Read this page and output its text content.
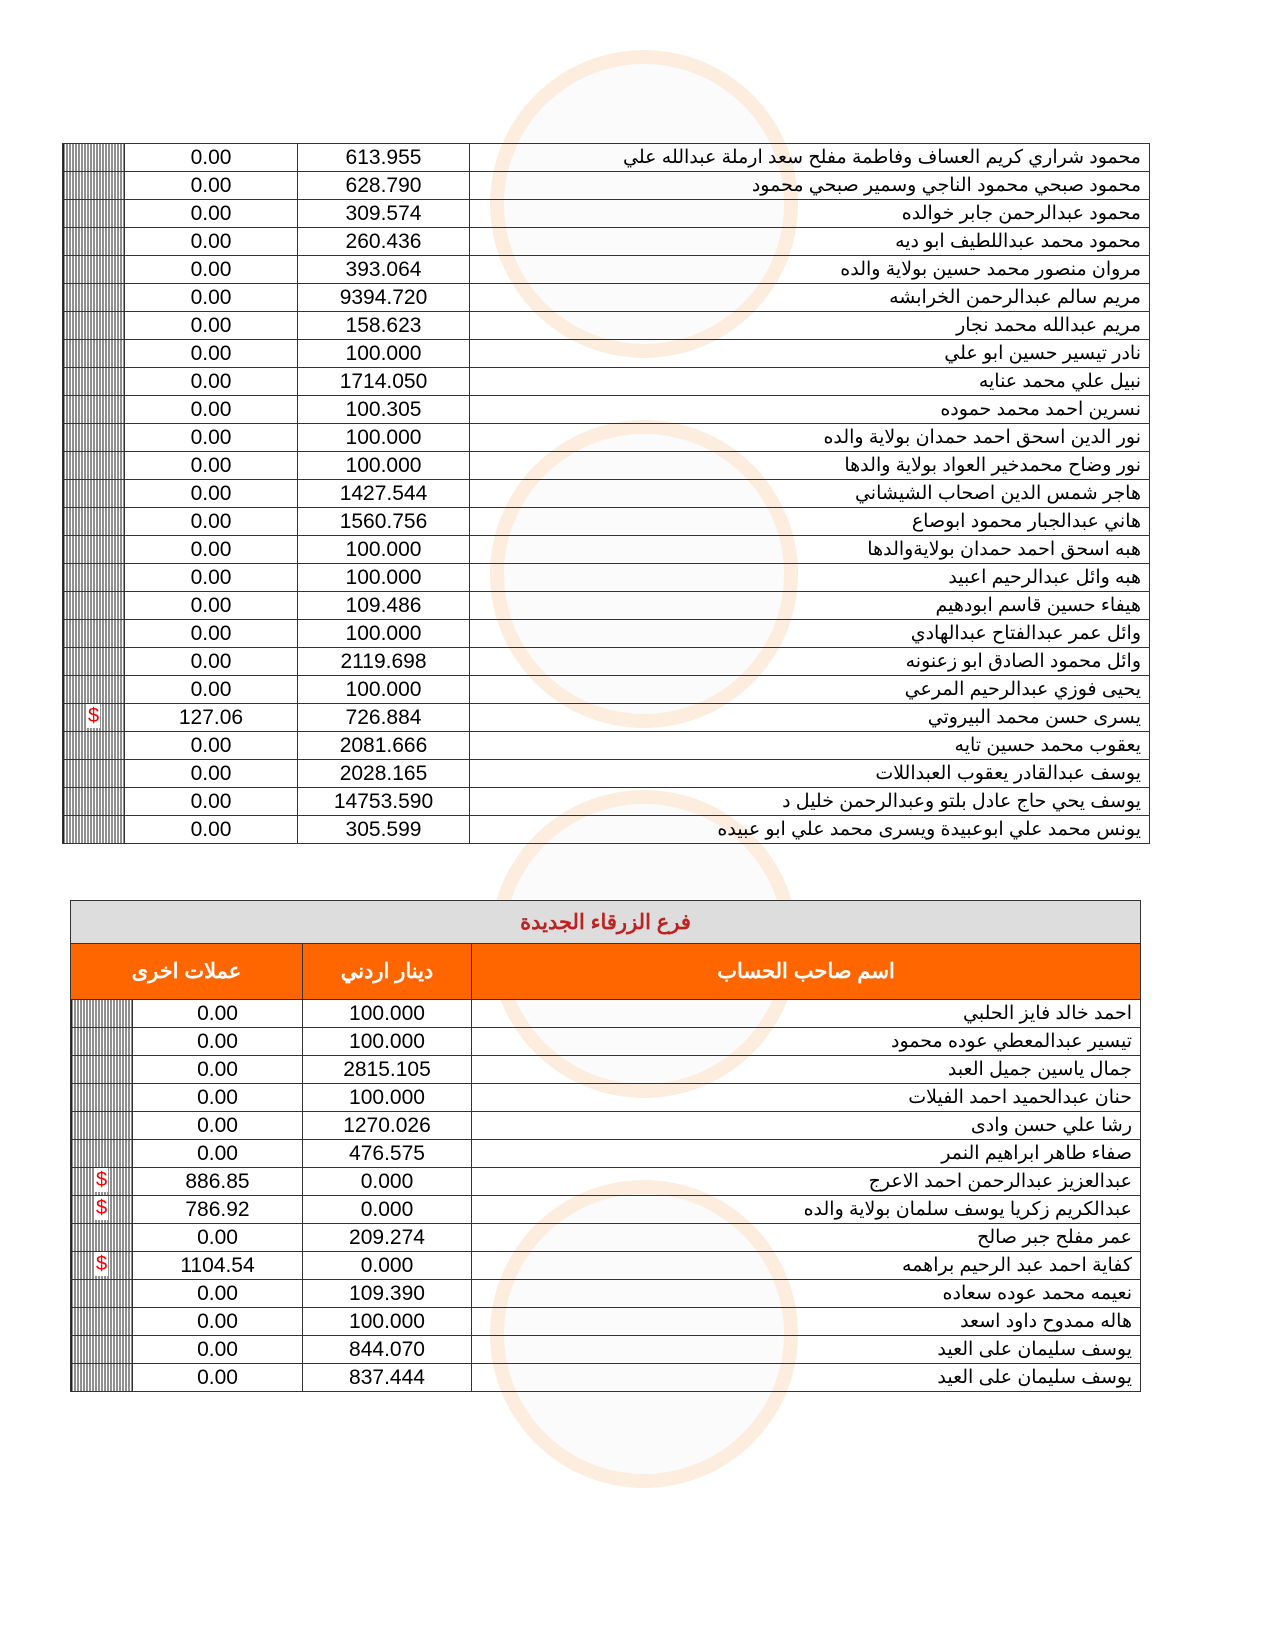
	0.00	613.955	محمود شراري كريم العساف وفاطمة مفلح سعد ارملة عبدالله علي
	0.00	628.790	محمود صبحي محمود الناجي وسمير صبحي محمود
	0.00	309.574	محمود عبدالرحمن جابر خوالده
	0.00	260.436	محمود محمد عبداللطيف ابو ديه
	0.00	393.064	مروان منصور محمد حسين بولاية والده
	0.00	9394.720	مريم سالم عبدالرحمن الخرابشه
	0.00	158.623	مريم عبدالله محمد نجار
	0.00	100.000	نادر تيسير حسين ابو علي
	0.00	1714.050	نبيل علي محمد عنايه
	0.00	100.305	نسرين احمد محمد حموده
	0.00	100.000	نور الدين اسحق احمد حمدان بولاية والده
	0.00	100.000	نور وضاح محمدخير العواد بولاية والدها
	0.00	1427.544	هاجر شمس الدين اصحاب الشيشاني
	0.00	1560.756	هاني عبدالجبار محمود ابوصاع
	0.00	100.000	هبه اسحق احمد حمدان بولايةوالدها
	0.00	100.000	هبه وائل عبدالرحيم اعبيد
	0.00	109.486	هيفاء حسين قاسم ابودهيم
	0.00	100.000	وائل عمر عبدالفتاح عبدالهادي
	0.00	2119.698	وائل محمود الصادق ابو زعنونه
	0.00	100.000	يحيى فوزي عبدالرحيم المرعي

$	127.06	726.884	يسرى حسن محمد البيروتي
	0.00	2081.666	يعقوب محمد حسين تايه
	0.00	2028.165	يوسف عبدالقادر يعقوب العبداللات
	0.00	14753.590	يوسف يحي حاج عادل بلتو وعبدالرحمن خليل د
	0.00	305.599	يونس محمد علي ابوعبيدة ويسرى محمد علي ابو عبيده
فرع الزرقاء الجديدة			
عملات اخرى		دينار اردني	اسم صاحب الحساب
	0.00	100.000	احمد خالد فايز الحلبي
	0.00	100.000	تيسير عبدالمعطي عوده محمود
	0.00	2815.105	جمال ياسين جميل العبد
	0.00	100.000	حنان عبدالحميد احمد الفيلات
	0.00	1270.026	رشا علي حسن وادى
	0.00	476.575	صفاء طاهر ابراهيم النمر

$	886.85	0.000	عبدالعزيز عبدالرحمن احمد الاعرج

$	786.92	0.000	عبدالكريم زكريا يوسف سلمان بولاية والده
	0.00	209.274	عمر مفلح جبر صالح

$	1104.54	0.000	كفاية احمد عبد الرحيم براهمه
	0.00	109.390	نعيمه محمد عوده سعاده
	0.00	100.000	هاله ممدوح داود اسعد
	0.00	844.070	يوسف سليمان على العيد
	0.00	837.444	يوسف سليمان على العيد
